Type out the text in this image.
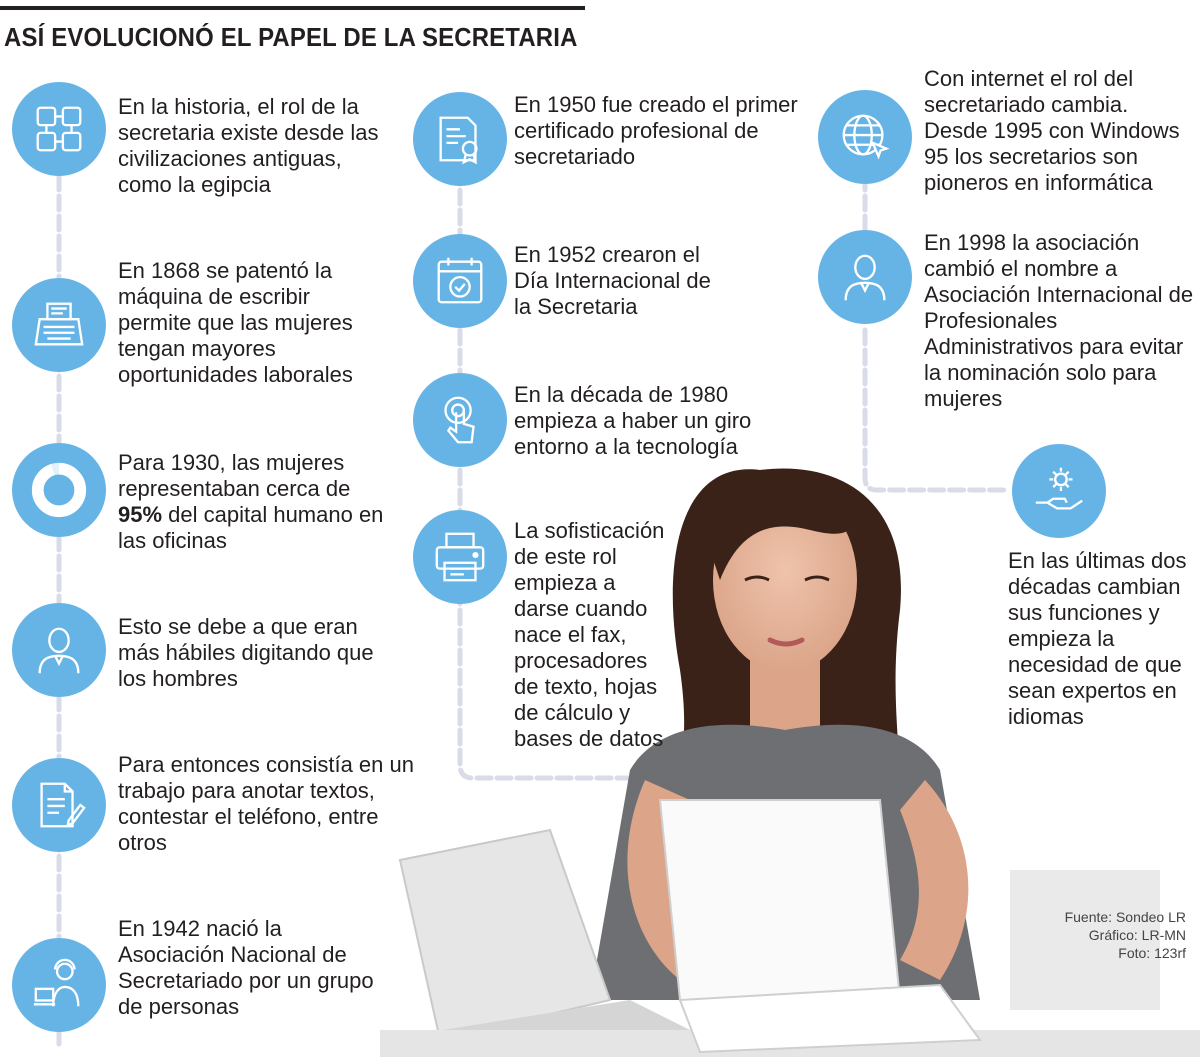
ASÍ EVOLUCIONÓ EL PAPEL DE LA SECRETARIA
En la historia, el rol de la secretaria existe desde las civilizaciones antiguas, como la egipcia
En 1868 se patentó la máquina de escribir permite que las mujeres tengan mayores oportunidades laborales
Para 1930, las mujeres representaban cerca de 95% del capital humano en las oficinas
Esto se debe a que eran más hábiles digitando que los hombres
Para entonces consistía en un trabajo para anotar textos, contestar el teléfono, entre otros
En 1942 nació la Asociación Nacional de Secretariado por un grupo de personas
En 1950 fue creado el primer certificado profesional de secretariado
En 1952 crearon el Día Internacional de la Secretaria
En la década de 1980 empieza a haber un giro entorno a la tecnología
La sofisticación de este rol empieza a darse cuando nace el fax, procesadores de texto, hojas de cálculo y bases de datos
Con internet el rol del secretariado cambia. Desde 1995 con Windows 95 los secretarios son pioneros en informática
En 1998 la asociación cambió el nombre a Asociación Internacional de Profesionales Administrativos para evitar la nominación solo para mujeres
En las últimas dos décadas cambian sus funciones y empieza la necesidad de que sean expertos en idiomas
Fuente: Sondeo LR
Gráfico: LR-MN
Foto: 123rf
